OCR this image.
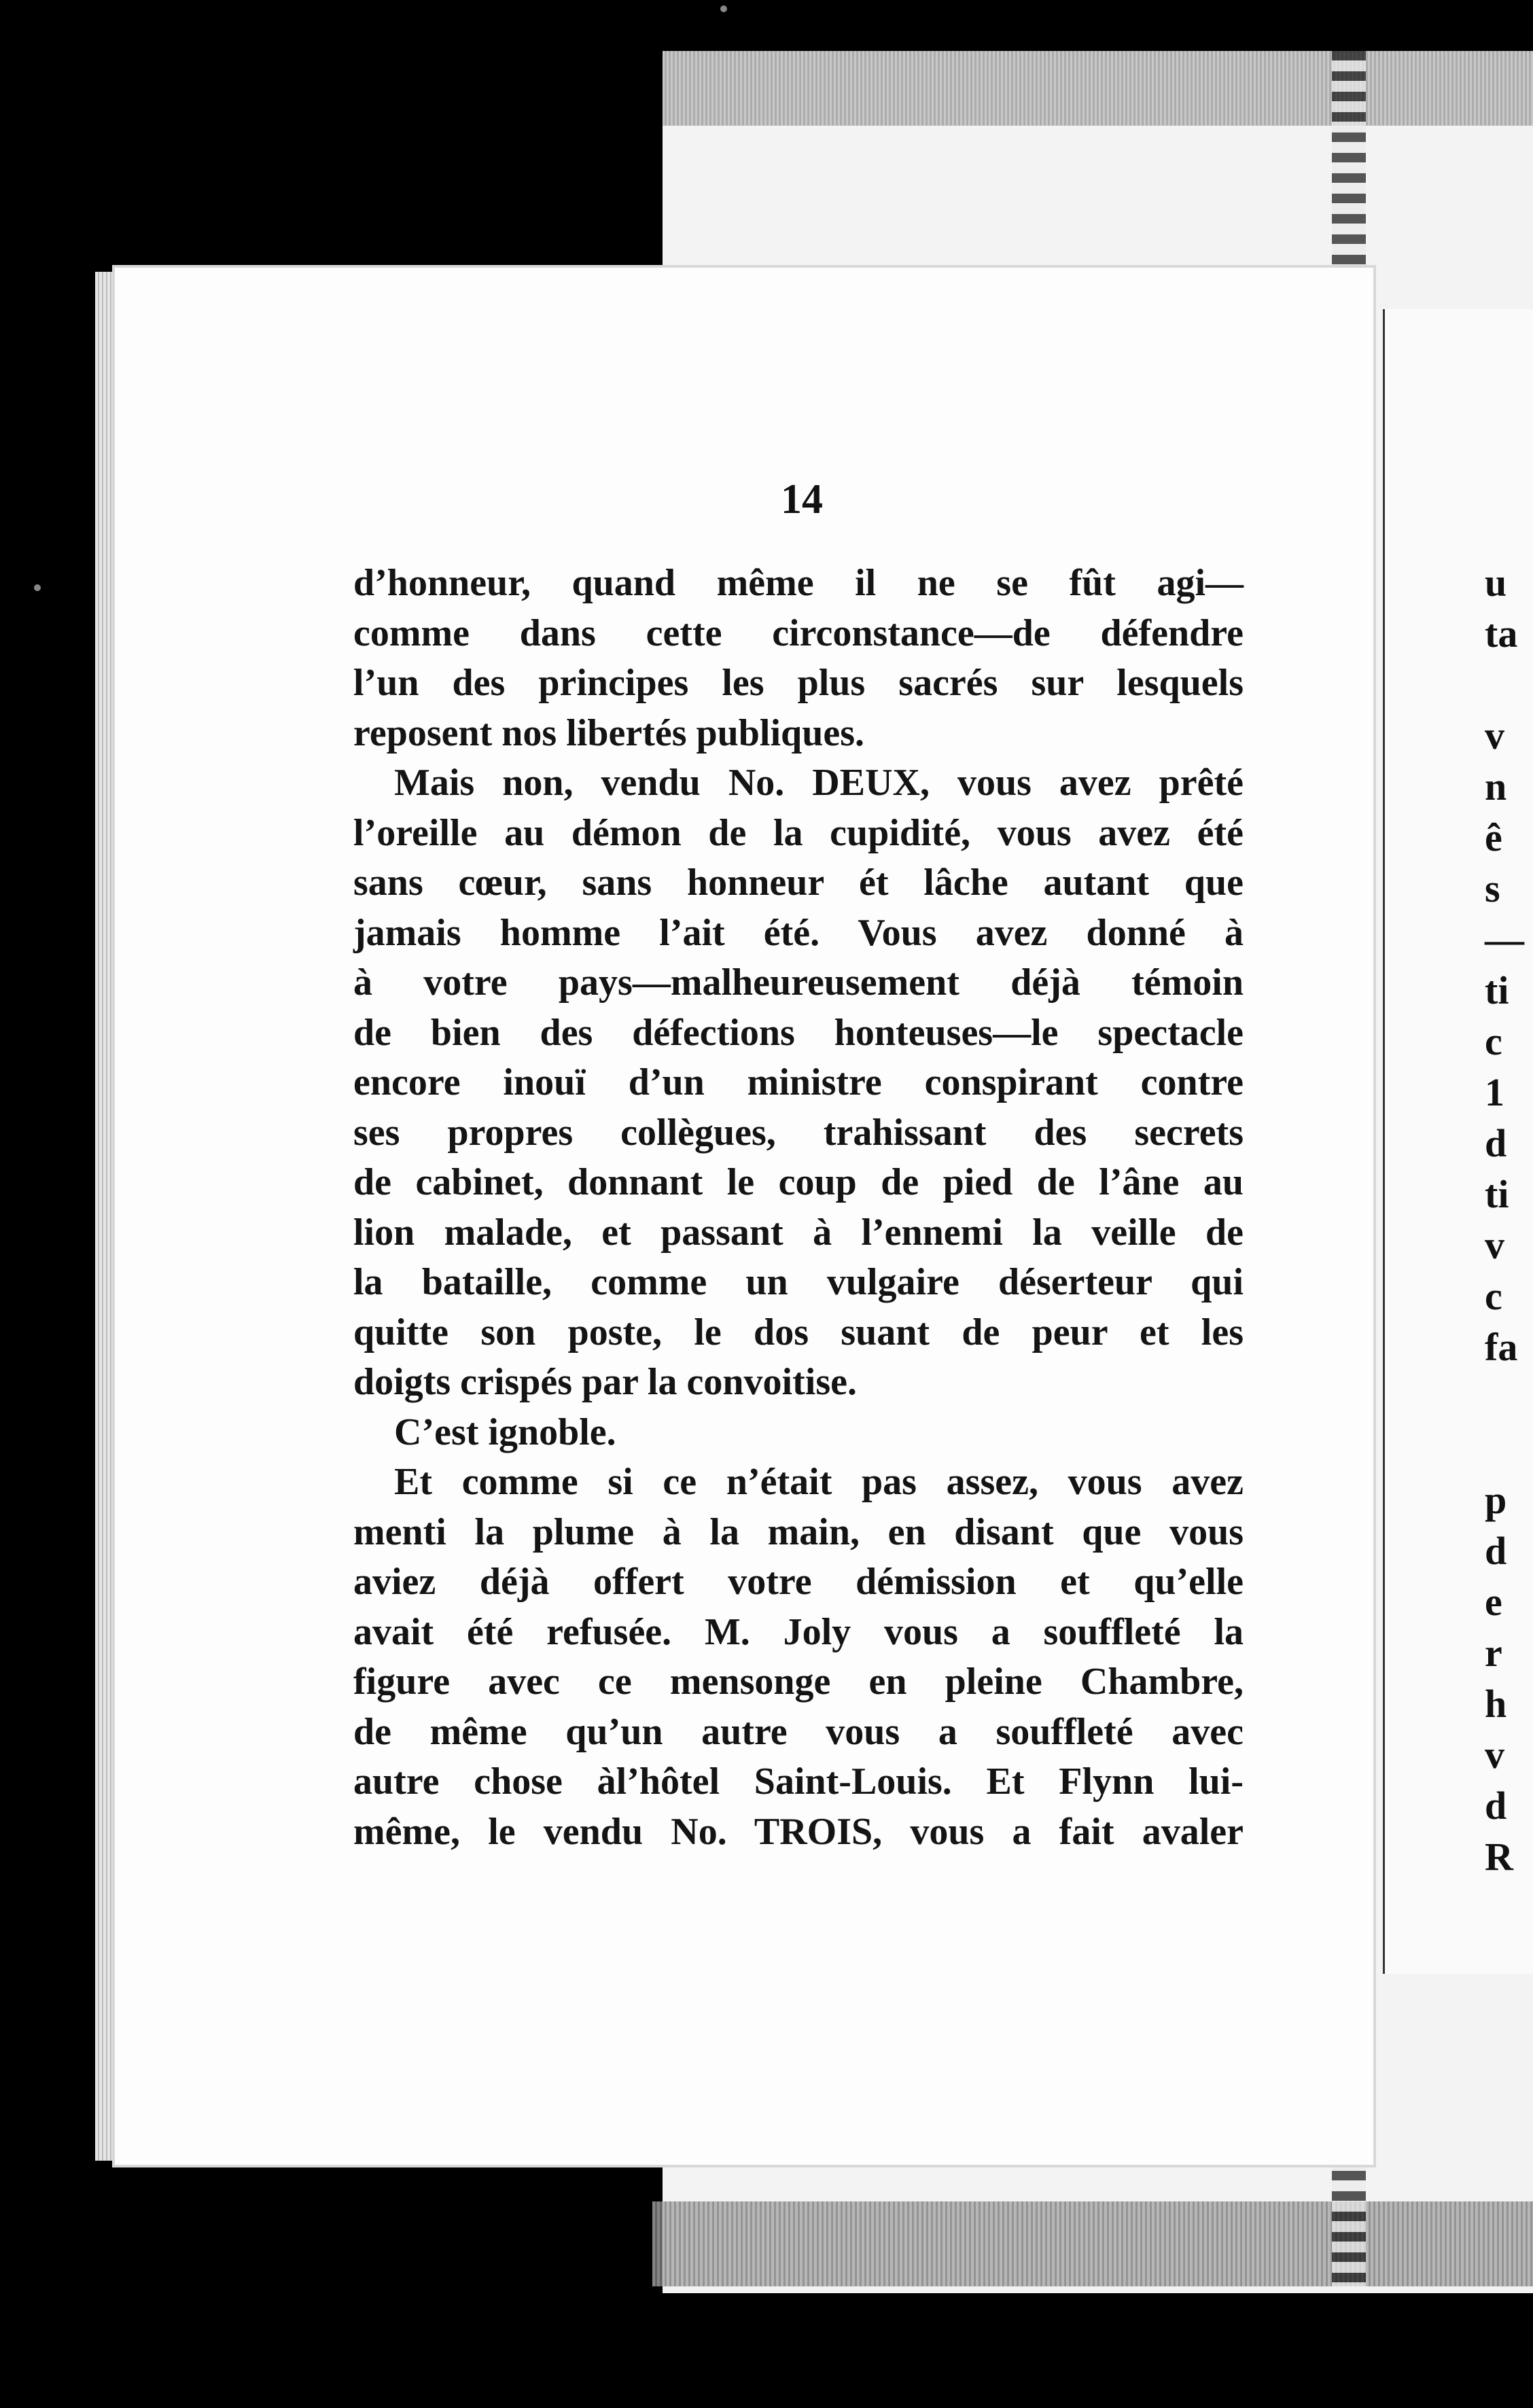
u
ta
v
n
ê
s
—
ti
c
1
d
ti
v
c
fa
p
d
e
r
h
v
d
R
14
d’honneur, quand même il ne se fût agi—
comme dans cette circonstance—de défendre
l’un des principes les plus sacrés sur lesquels
reposent nos libertés publiques.
Mais non, vendu No. DEUX, vous avez prêté
l’oreille au démon de la cupidité, vous avez été
sans cœur, sans honneur ét lâche autant que
jamais homme l’ait été. Vous avez donné à
à votre pays—malheureusement déjà témoin
de bien des défections honteuses—le spectacle
encore inouï d’un ministre conspirant contre
ses propres collègues, trahissant des secrets
de cabinet, donnant le coup de pied de l’âne au
lion malade, et passant à l’ennemi la veille de
la bataille, comme un vulgaire déserteur qui
quitte son poste, le dos suant de peur et les
doigts crispés par la convoitise.
C’est ignoble.
Et comme si ce n’était pas assez, vous avez
menti la plume à la main, en disant que vous
aviez déjà offert votre démission et qu’elle
avait été refusée. M. Joly vous a souffleté la
figure avec ce mensonge en pleine Chambre,
de même qu’un autre vous a souffleté avec
autre chose àl’hôtel Saint-Louis. Et Flynn lui-
même, le vendu No. TROIS, vous a fait avaler
